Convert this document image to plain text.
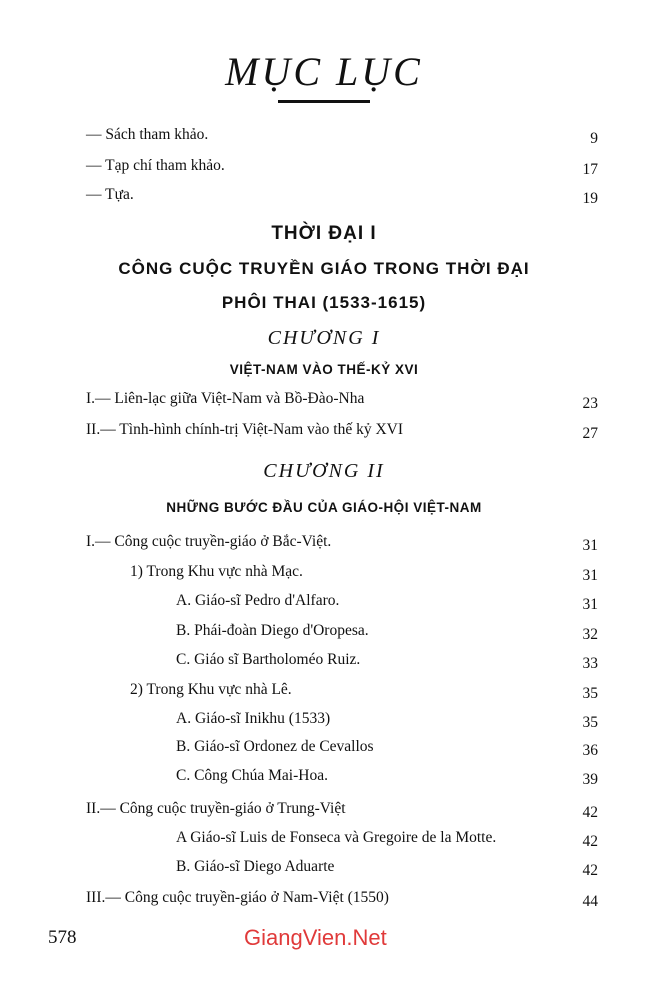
MỤC LỤC
— Sách tham khảo.	9
— Tạp chí tham khảo.	17
— Tựa.	19
THỜI ĐẠI I
CÔNG CUỘC TRUYỀN GIÁO TRONG THỜI ĐẠI
PHÔI THAI (1533-1615)
CHƯƠNG I
VIỆT-NAM VÀO THẾ-KỶ XVI
I.— Liên-lạc giữa Việt-Nam và Bồ-Đào-Nha	23
II.— Tình-hình chính-trị Việt-Nam vào thế kỷ XVI	27
CHƯƠNG II
NHỮNG BƯỚC ĐẦU CỦA GIÁO-HỘI VIỆT-NAM
I.— Công cuộc truyền-giáo ở Bắc-Việt.	31
1) Trong Khu vực nhà Mạc.	31
A. Giáo-sĩ Pedro d'Alfaro.	31
B. Phái-đoàn Diego d'Oropesa.	32
C. Giáo sĩ Bartholoméo Ruiz.	33
2) Trong Khu vực nhà Lê.	35
A. Giáo-sĩ Inikhu (1533)	35
B. Giáo-sĩ Ordonez de Cevallos	36
C. Công Chúa Mai-Hoa.	39
II.— Công cuộc truyền-giáo ở Trung-Việt	42
A Giáo-sĩ Luis de Fonseca và Gregoire de la Motte.	42
B. Giáo-sĩ Diego Aduarte	42
III.— Công cuộc truyền-giáo ở Nam-Việt (1550)	44
578	GiangVien.Net
